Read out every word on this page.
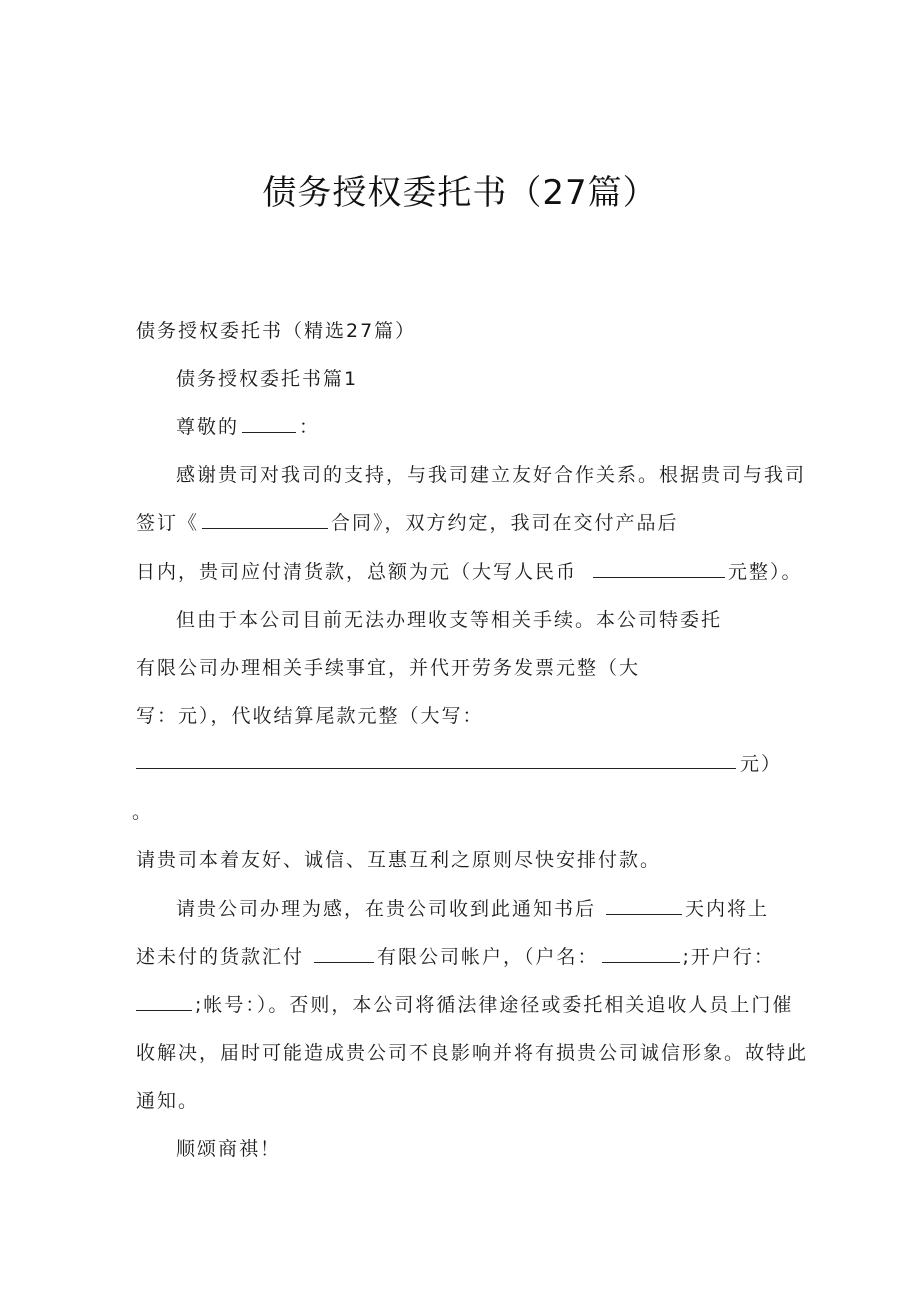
债务授权委托书（27篇）
债务授权委托书（精选27篇）
债务授权委托书篇1
尊敬的	：
感谢贵司对我司的支持，与我司建立友好合作关系。根据贵司与我司
签订《	合同》，双方约定，我司在交付产品后
日内，贵司应付清货款，总额为元（大写人民币	元整）。
但由于本公司目前无法办理收支等相关手续。本公司特委托
有限公司办理相关手续事宜，并代开劳务发票元整（大
写：元），代收结算尾款元整（大写：
元）
。
请贵司本着友好、诚信、互惠互利之原则尽快安排付款。
请贵公司办理为感，在贵公司收到此通知书后	天内将上
述未付的货款汇付	有限公司帐户，（户名：	;开户行：
;帐号：）。否则，本公司将循法律途径或委托相关追收人员上门催
收解决，届时可能造成贵公司不良影响并将有损贵公司诚信形象。故特此
通知。
顺颂商祺！
